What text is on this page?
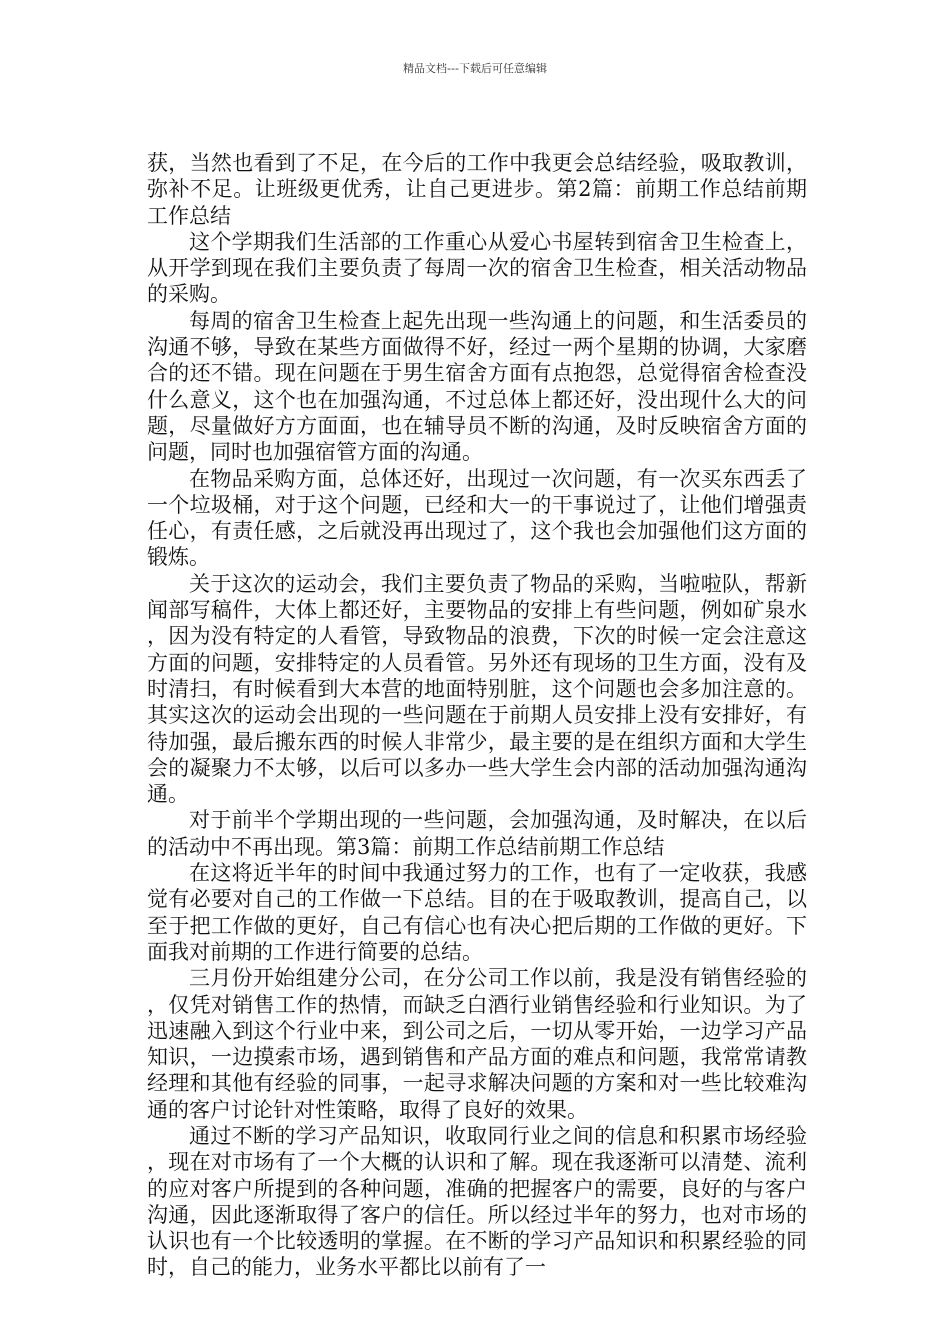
精品文档---下载后可任意编辑

获，当然也看到了不足，在今后的工作中我更会总结经验，吸取教训，弥补不足。让班级更优秀，让自己更进步。第2篇：前期工作总结前期工作总结

这个学期我们生活部的工作重心从爱心书屋转到宿舍卫生检查上，从开学到现在我们主要负责了每周一次的宿舍卫生检查，相关活动物品的采购。

每周的宿舍卫生检查上起先出现一些沟通上的问题，和生活委员的沟通不够，导致在某些方面做得不好，经过一两个星期的协调，大家磨合的还不错。现在问题在于男生宿舍方面有点抱怨，总觉得宿舍检查没什么意义，这个也在加强沟通，不过总体上都还好，没出现什么大的问题，尽量做好方方面面，也在辅导员不断的沟通，及时反映宿舍方面的问题，同时也加强宿管方面的沟通。

在物品采购方面，总体还好，出现过一次问题，有一次买东西丢了一个垃圾桶，对于这个问题，已经和大一的干事说过了，让他们增强责任心，有责任感，之后就没再出现过了，这个我也会加强他们这方面的锻炼。

关于这次的运动会，我们主要负责了物品的采购，当啦啦队，帮新闻部写稿件，大体上都还好，主要物品的安排上有些问题，例如矿泉水，因为没有特定的人看管，导致物品的浪费，下次的时候一定会注意这方面的问题，安排特定的人员看管。另外还有现场的卫生方面，没有及时清扫，有时候看到大本营的地面特别脏，这个问题也会多加注意的。其实这次的运动会出现的一些问题在于前期人员安排上没有安排好，有待加强，最后搬东西的时候人非常少，最主要的是在组织方面和大学生会的凝聚力不太够，以后可以多办一些大学生会内部的活动加强沟通沟通。

对于前半个学期出现的一些问题，会加强沟通，及时解决，在以后的活动中不再出现。第3篇：前期工作总结前期工作总结

在这将近半年的时间中我通过努力的工作，也有了一定收获，我感觉有必要对自己的工作做一下总结。目的在于吸取教训，提高自己，以至于把工作做的更好，自己有信心也有决心把后期的工作做的更好。下面我对前期的工作进行简要的总结。

三月份开始组建分公司，在分公司工作以前，我是没有销售经验的，仅凭对销售工作的热情，而缺乏白酒行业销售经验和行业知识。为了迅速融入到这个行业中来，到公司之后，一切从零开始，一边学习产品知识，一边摸索市场，遇到销售和产品方面的难点和问题，我常常请教经理和其他有经验的同事，一起寻求解决问题的方案和对一些比较难沟通的客户讨论针对性策略，取得了良好的效果。

通过不断的学习产品知识，收取同行业之间的信息和积累市场经验，现在对市场有了一个大概的认识和了解。现在我逐渐可以清楚、流利的应对客户所提到的各种问题，准确的把握客户的需要，良好的与客户沟通，因此逐渐取得了客户的信任。所以经过半年的努力，也对市场的认识也有一个比较透明的掌握。在不断的学习产品知识和积累经验的同时，自己的能力，业务水平都比以前有了一
